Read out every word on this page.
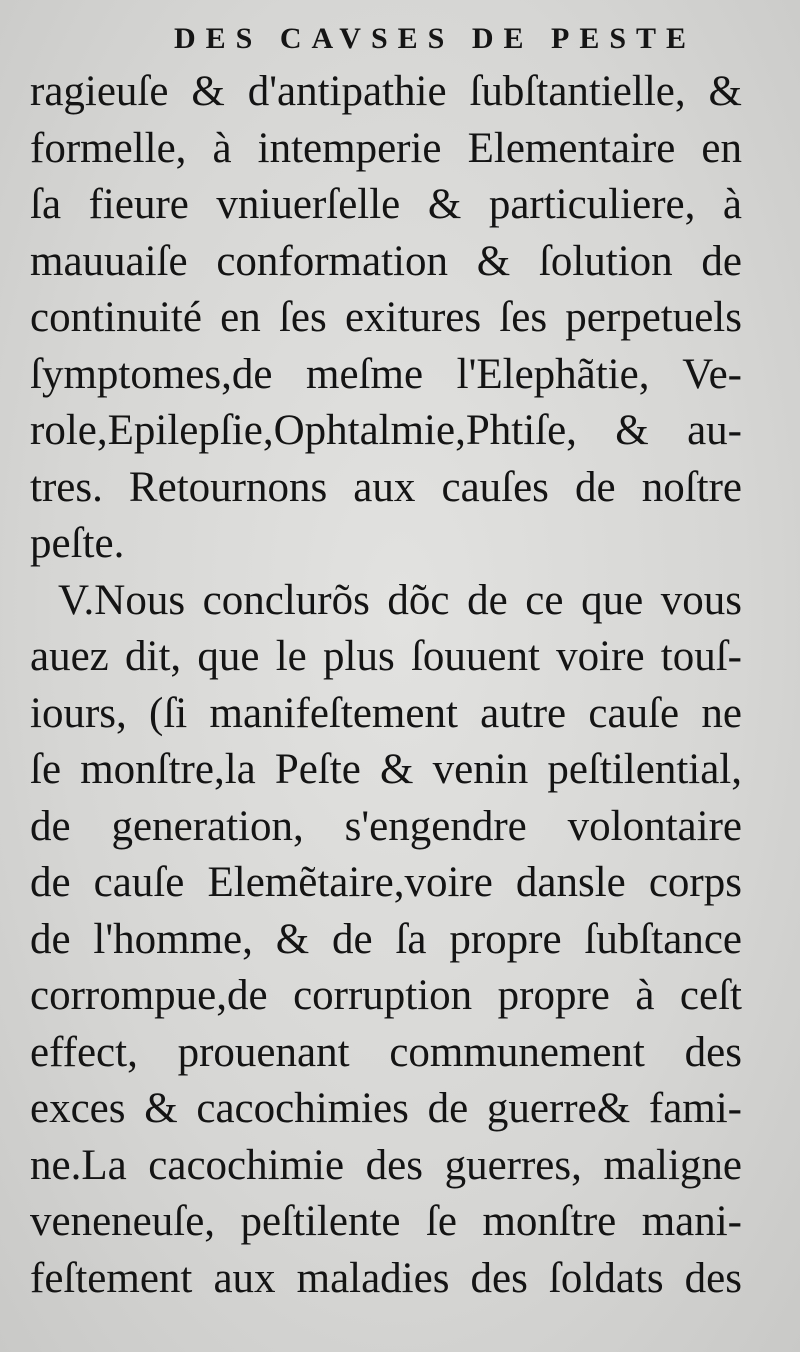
DES CAVSES DE PESTE
ragieuſe & d'antipathie ſubſtantielle, &
formelle, à intemperie Elementaire en
ſa fieure vniuerſelle & particuliere, à
mauuaiſe conformation & ſolution de
continuité en ſes exitures ſes perpetuels
ſymptomes,de meſme l'Elephãtie, Ve-
role,Epilepſie,Ophtalmie,Phtiſe, & au-
tres. Retournons aux cauſes de noſtre
peſte.
V.Nous conclurõs dõc de ce que vous
auez dit, que le plus ſouuent voire touſ-
iours, (ſi manifeſtement autre cauſe ne
ſe monſtre,la Peſte & venin peſtilential,
de generation, s'engendre volontaire
de cauſe Elemẽtaire,voire dansle corps
de l'homme, & de ſa propre ſubſtance
corrompue,de corruption propre à ceſt
effect, prouenant communement des
exces & cacochimies de guerre& fami-
ne.La cacochimie des guerres, maligne
veneneuſe, peſtilente ſe monſtre mani-
feſtement aux maladies des ſoldats des
